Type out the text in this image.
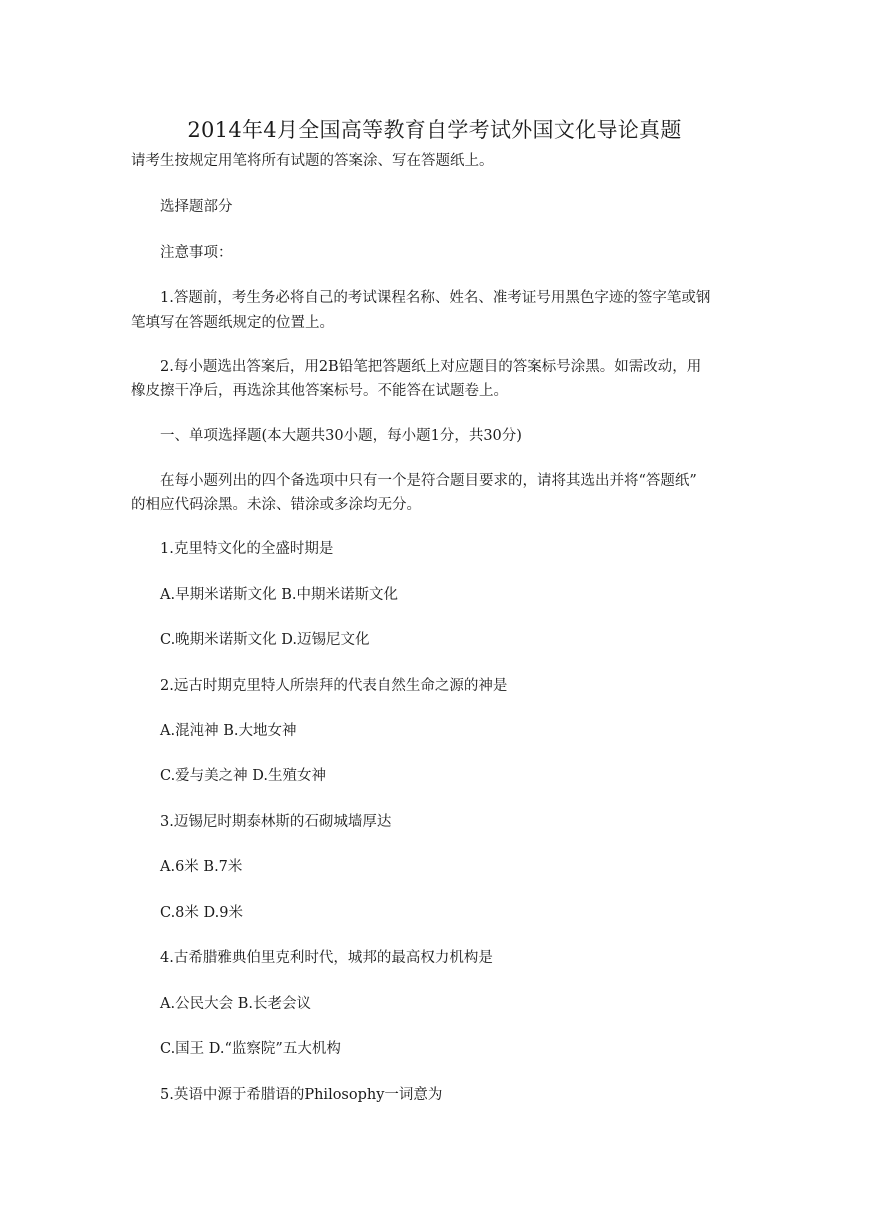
2014年4月全国高等教育自学考试外国文化导论真题
请考生按规定用笔将所有试题的答案涂、写在答题纸上。
选择题部分
注意事项：
1.答题前，考生务必将自己的考试课程名称、姓名、准考证号用黑色字迹的签字笔或钢
笔填写在答题纸规定的位置上。
2.每小题选出答案后，用2B铅笔把答题纸上对应题目的答案标号涂黑。如需改动，用
橡皮擦干净后，再选涂其他答案标号。不能答在试题卷上。
一、单项选择题(本大题共30小题，每小题1分，共30分)
在每小题列出的四个备选项中只有一个是符合题目要求的，请将其选出并将“答题纸”
的相应代码涂黑。未涂、错涂或多涂均无分。
1.克里特文化的全盛时期是
A.早期米诺斯文化 B.中期米诺斯文化
C.晚期米诺斯文化 D.迈锡尼文化
2.远古时期克里特人所崇拜的代表自然生命之源的神是
A.混沌神 B.大地女神
C.爱与美之神 D.生殖女神
3.迈锡尼时期泰林斯的石砌城墙厚达
A.6米 B.7米
C.8米 D.9米
4.古希腊雅典伯里克利时代，城邦的最高权力机构是
A.公民大会 B.长老会议
C.国王 D.“监察院”五大机构
5.英语中源于希腊语的Philosophy一词意为
